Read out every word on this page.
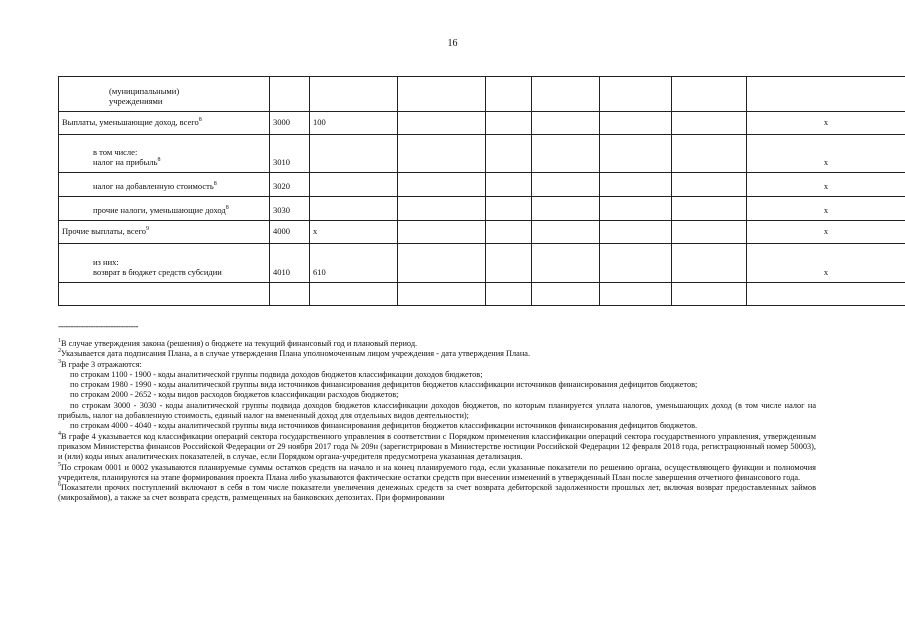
16
(муниципальными)
учреждениями								

Выплаты, уменьшающие доход, всего$^8$	3000	100						x

в том числе:
налог на прибыль$^8$	3010							x

налог на добавленную стоимость$^8$	3020							x

прочие налоги, уменьшающие доход$^8$	3030							x

Прочие выплаты, всего$^9$	4000	x						x

из них:
возврат в бюджет средств субсидии	4010	610						x

--------------------------------

$^1$В случае утверждения закона (решения) о бюджете на текущий финансовый год и плановый период.

$^2$Указывается дата подписания Плана, а в случае утверждения Плана уполномоченным лицом учреждения - дата утверждения Плана.

$^3$В графе 3 отражаются:

по строкам 1100 - 1900 - коды аналитической группы подвида доходов бюджетов классификации доходов бюджетов;

по строкам 1980 - 1990 - коды аналитической группы вида источников финансирования дефицитов бюджетов классификации источников финансирования дефицитов бюджетов;

по строкам 2000 - 2652 - коды видов расходов бюджетов классификации расходов бюджетов;

по строкам 3000 - 3030 - коды аналитической группы подвида доходов бюджетов классификации доходов бюджетов, по которым планируется уплата налогов, уменьшающих доход (в том числе налог на прибыль, налог на добавленную стоимость, единый налог на вмененный доход для отдельных видов деятельности);

по строкам 4000 - 4040 - коды аналитической группы вида источников финансирования дефицитов бюджетов классификации источников финансирования дефицитов бюджетов.

$^4$В графе 4 указывается код классификации операций сектора государственного управления в соответствии с Порядком применения классификации операций сектора государственного управления, утвержденным приказом Министерства финансов Российской Федерации от 29 ноября 2017 года № 209н (зарегистрирован в Министерстве юстиции Российской Федерации 12 февраля 2018 года, регистрационный номер 50003), и (или) коды иных аналитических показателей, в случае, если Порядком органа-учредителя предусмотрена указанная детализация.

$^5$По строкам 0001 и 0002 указываются планируемые суммы остатков средств на начало и на конец планируемого года, если указанные показатели по решению органа, осуществляющего функции и полномочия учредителя, планируются на этапе формирования проекта Плана либо указываются фактические остатки средств при внесении изменений в утвержденный План после завершения отчетного финансового года.

$^6$Показатели прочих поступлений включают в себя в том числе показатели увеличения денежных средств за счет возврата дебиторской задолженности прошлых лет, включая возврат предоставленных займов (микрозаймов), а также за счет возврата средств, размещенных на банковских депозитах. При формировании
